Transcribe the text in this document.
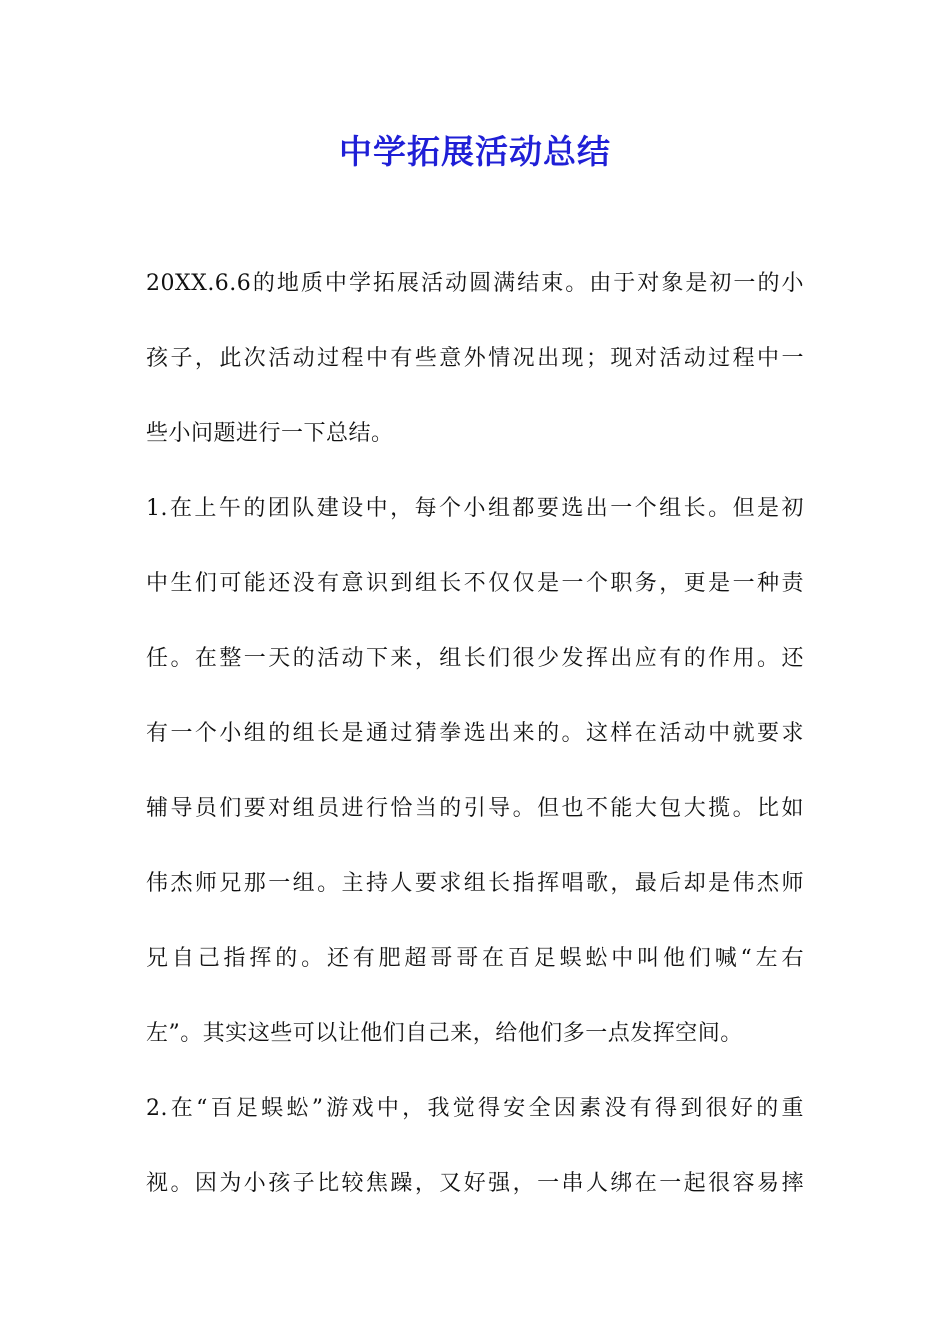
中学拓展活动总结
20XX.6.6的地质中学拓展活动圆满结束。由于对象是初一的小
孩子，此次活动过程中有些意外情况出现；现对活动过程中一
些小问题进行一下总结。
1.在上午的团队建设中，每个小组都要选出一个组长。但是初
中生们可能还没有意识到组长不仅仅是一个职务，更是一种责
任。在整一天的活动下来，组长们很少发挥出应有的作用。还
有一个小组的组长是通过猜拳选出来的。这样在活动中就要求
辅导员们要对组员进行恰当的引导。但也不能大包大揽。比如
伟杰师兄那一组。主持人要求组长指挥唱歌，最后却是伟杰师
兄自己指挥的。还有肥超哥哥在百足蜈蚣中叫他们喊“左右
左”。其实这些可以让他们自己来，给他们多一点发挥空间。
2.在“百足蜈蚣”游戏中，我觉得安全因素没有得到很好的重
视。因为小孩子比较焦躁，又好强，一串人绑在一起很容易摔
